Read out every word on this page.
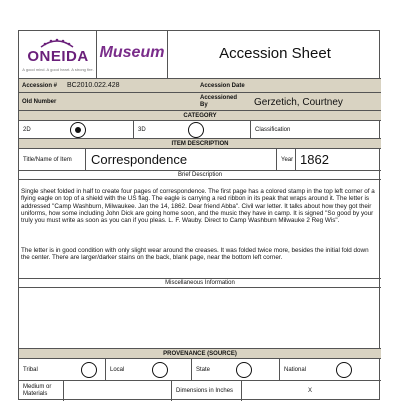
ONEIDA
A good mind. A good heart. A strong fire.
Museum	Accession Sheet
Accession # BC2010.022.428	Accession Date
Old Number
Accessioned By	Gerzetich, Courtney
CATEGORY
2D	3D	Classification
ITEM DESCRIPTION
Title/Name of Item Correspondence	Year 1862
Brief Description
Single sheet folded in half to create four pages of correspondence. The first page has a colored stamp in the top left corner of a flying eagle on top of a shield with the US flag. The eagle is carrying a red ribbon in its peak that wraps around it. The letter is addressed "Camp Washburn, Milwaukee. Jan the 14, 1862. Dear friend Abba". Civil war letter. It talks about how they got their uniforms, how some including John Dick are going home soon, and the music they have in camp. It is signed "So good by your truly you must write as soon as you can if you pleas. L. F. Wauby. Direct to Camp Washburn Milwauke 2 Reg Wis".
The letter is in good condition with only slight wear around the creases. It was folded twice more, besides the initial fold down the center. There are larger/darker stains on the back, blank page, near the bottom left corner.
Miscellaneous Information
PROVENANCE (SOURCE)
Tribal	Local	State	National
Medium or Materials	Dimensions in Inches	X
